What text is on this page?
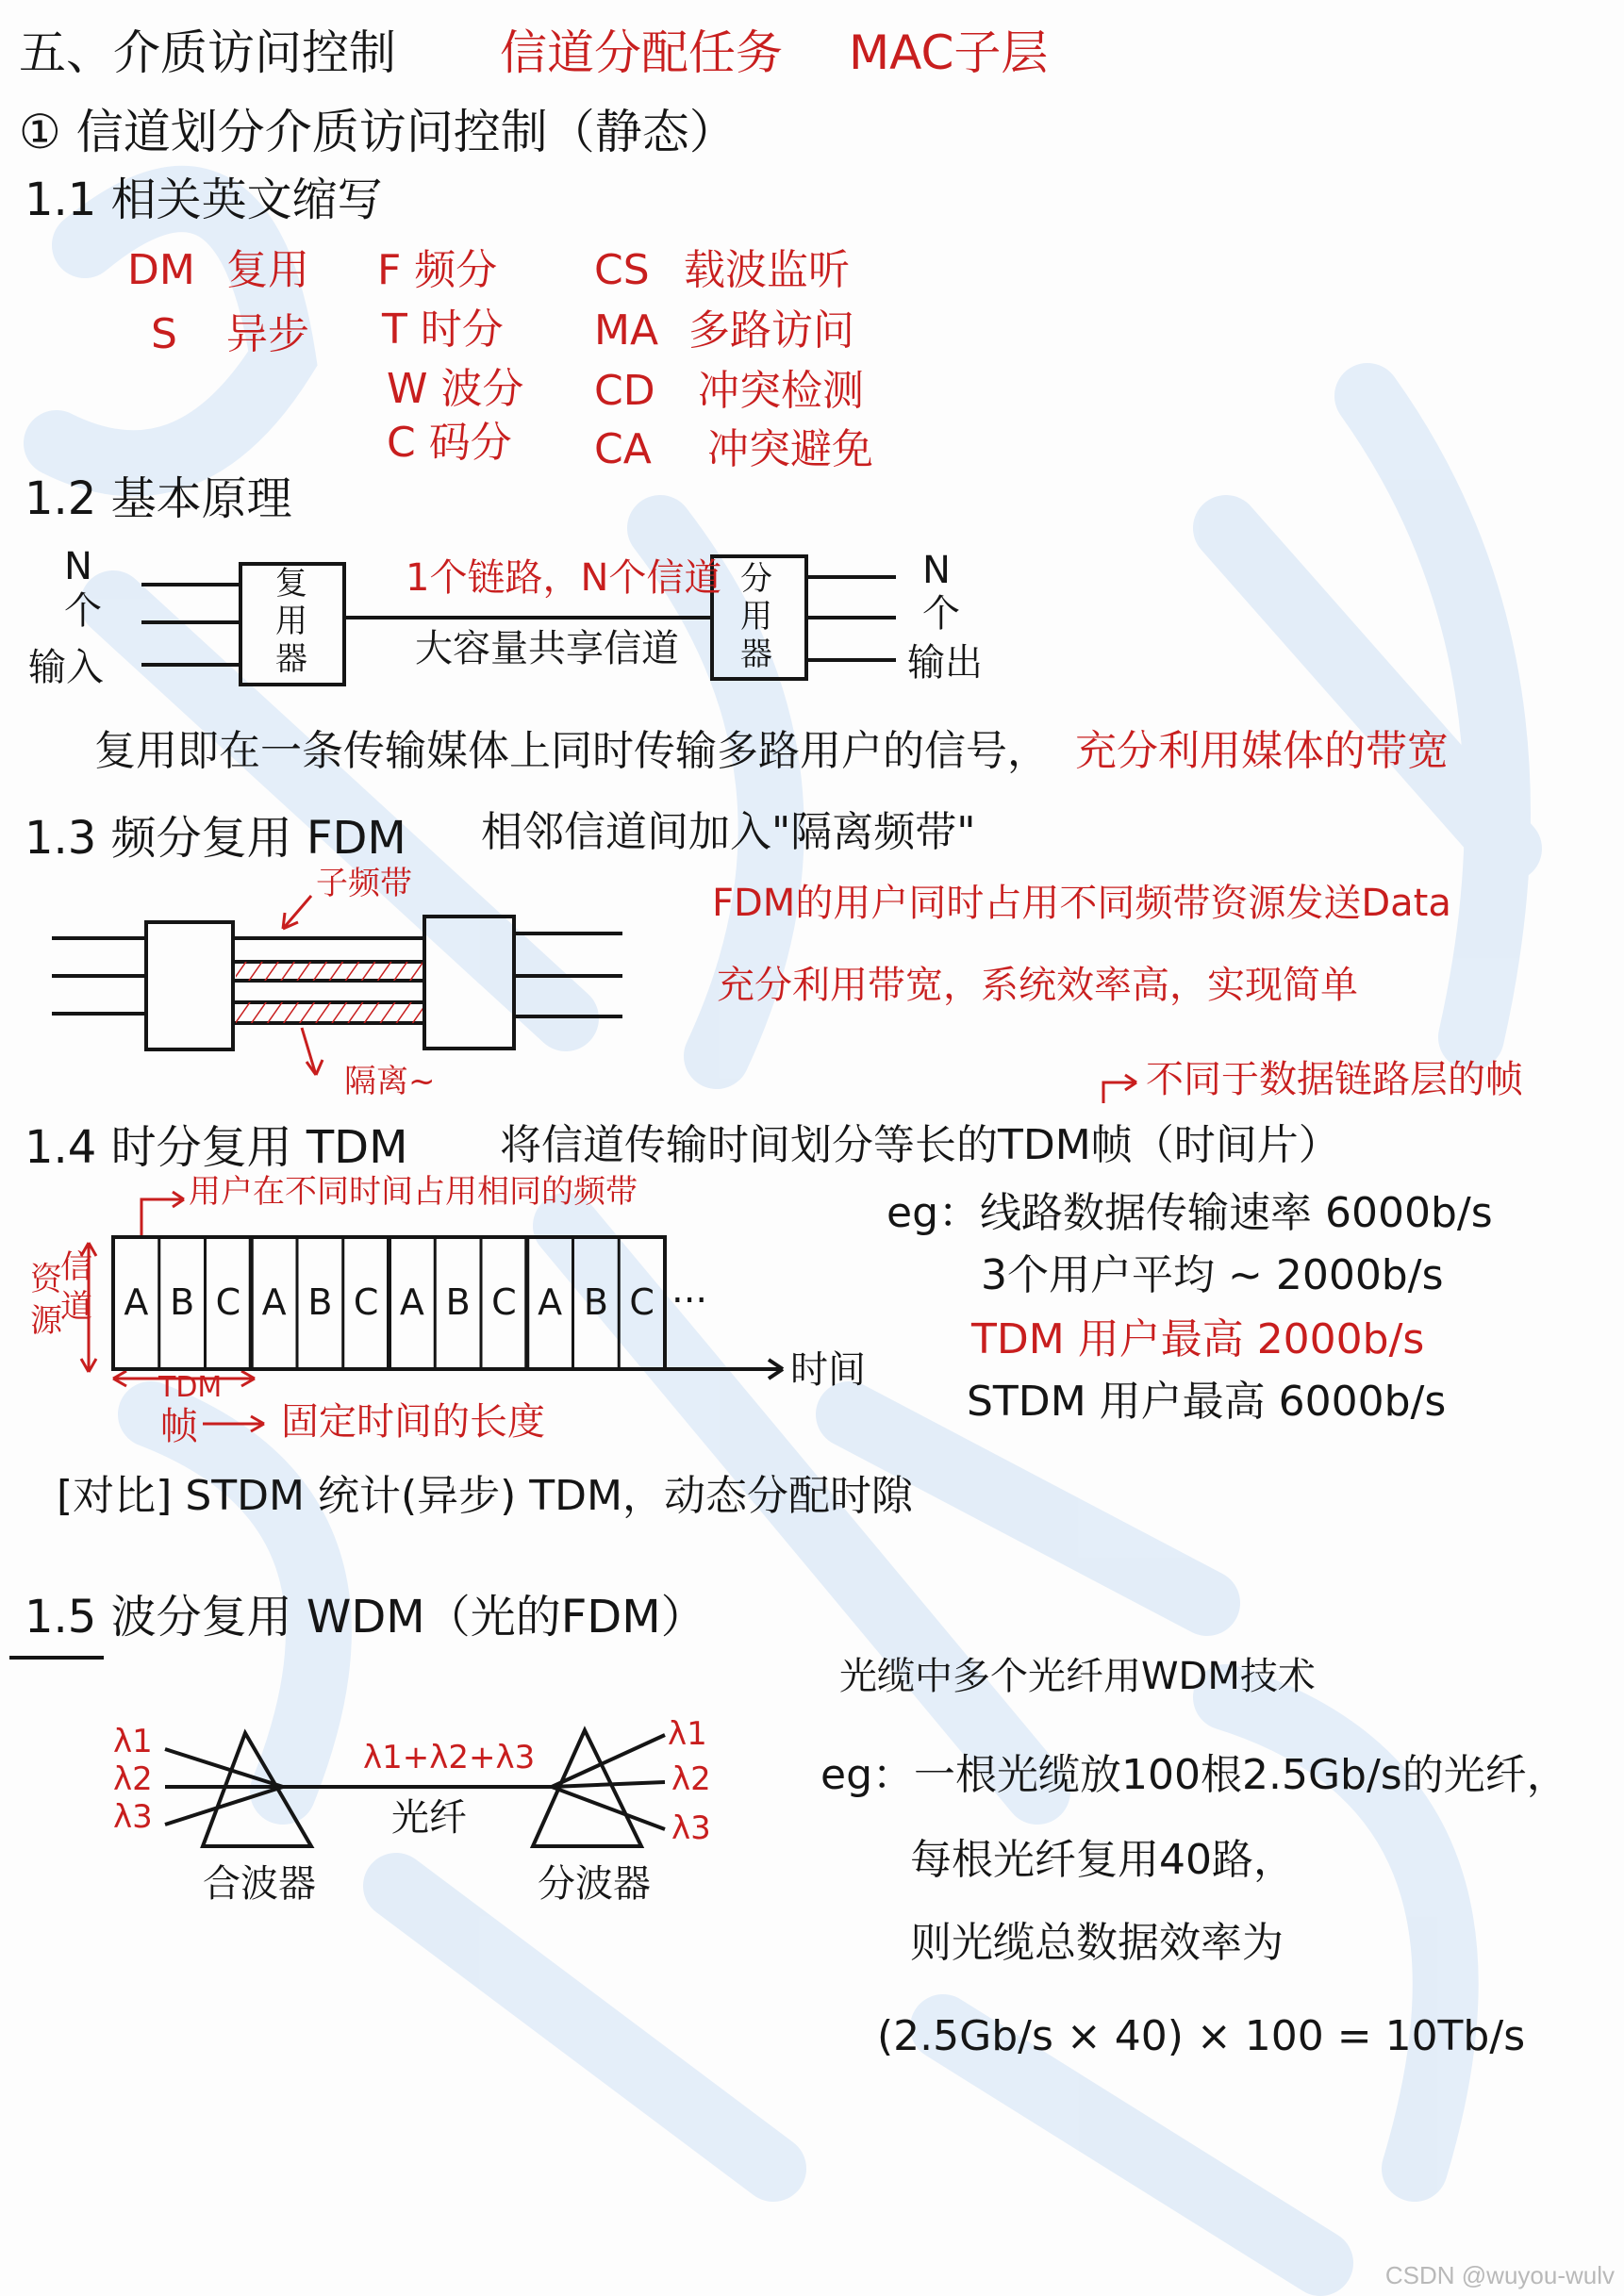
五、介质访问控制 信道分配任务 MAC子层
① 信道划分介质访问控制（静态）
1.1 相关英文缩写
DM 复用
S 异步
F 频分
T 时分
W 波分
C 码分
CS 载波监听
MA 多路访问
CD 冲突检测
CA 冲突避免
1.2 基本原理
N
个
输入
复
用
器
1个链路，N个信道
大容量共享信道
分
用
器
N
个
输出
复用即在一条传输媒体上同时传输多路用户的信号， 充分利用媒体的带宽
1.3 频分复用 FDM 相邻信道间加入"隔离频带"
子频带
隔离~
FDM的用户同时占用不同频带资源发送Data
充分利用带宽，系统效率高，实现简单
不同于数据链路层的帧
1.4 时分复用 TDM 将信道传输时间划分等长的TDM帧（时间片）
用户在不同时间占用相同的频带
A B C A B C A B C A B C
资
源
信
道	...
时间
TDM
帧 固定时间的长度
eg：线路数据传输速率 6000b/s
3个用户平均 ~ 2000b/s
TDM 用户最高 2000b/s
STDM 用户最高 6000b/s
[对比] STDM 统计(异步) TDM，动态分配时隙
1.5 波分复用 WDM（光的FDM）
λ1
λ2
λ3
λ1+λ2+λ3
光纤
λ1
λ2
λ3
合波器	分波器
光缆中多个光纤用WDM技术
eg：一根光缆放100根2.5Gb/s的光纤，
每根光纤复用40路，
则光缆总数据效率为
(2.5Gb/s × 40) × 100 = 10Tb/s
CSDN @wuyou-wulv
